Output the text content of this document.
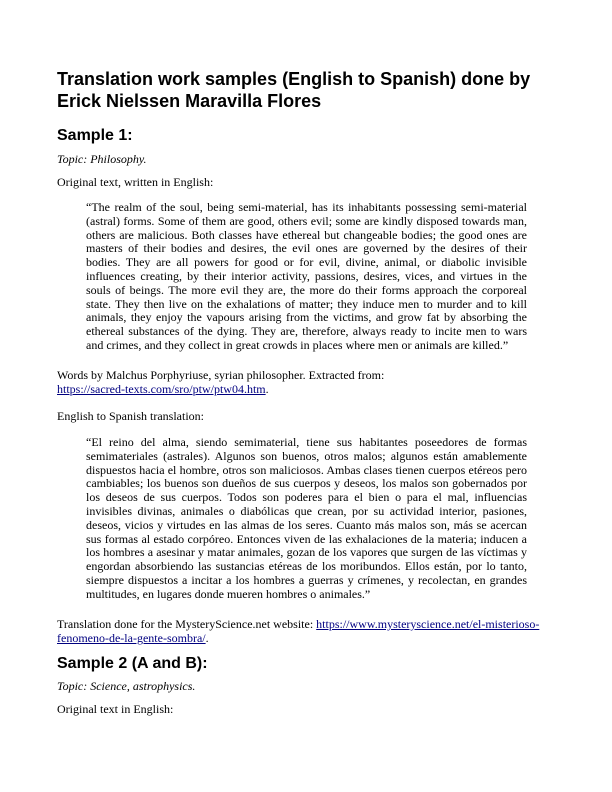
Translation work samples (English to Spanish) done by Erick Nielssen Maravilla Flores
Sample 1:

Topic: Philosophy.

Original text, written in English:

“The realm of the soul, being semi-material, has its inhabitants possessing semi-material (astral) forms. Some of them are good, others evil; some are kindly disposed towards man, others are malicious. Both classes have ethereal but changeable bodies; the good ones are masters of their bodies and desires, the evil ones are governed by the desires of their bodies. They are all powers for good or for evil, divine, animal, or diabolic invisible influences creating, by their interior activity, passions, desires, vices, and virtues in the souls of beings. The more evil they are, the more do their forms approach the corporeal state. They then live on the exhalations of matter; they induce men to murder and to kill animals, they enjoy the vapours arising from the victims, and grow fat by absorbing the ethereal substances of the dying. They are, therefore, always ready to incite men to wars and crimes, and they collect in great crowds in places where men or animals are killed.”

Words by Malchus Porphyriuse, syrian philosopher. Extracted from:
https://sacred-texts.com/sro/ptw/ptw04.htm.

English to Spanish translation:

“El reino del alma, siendo semimaterial, tiene sus habitantes poseedores de formas semimateriales (astrales). Algunos son buenos, otros malos; algunos están amablemente dispuestos hacia el hombre, otros son maliciosos. Ambas clases tienen cuerpos etéreos pero cambiables; los buenos son dueños de sus cuerpos y deseos, los malos son gobernados por los deseos de sus cuerpos. Todos son poderes para el bien o para el mal, influencias invisibles divinas, animales o diabólicas que crean, por su actividad interior, pasiones, deseos, vicios y virtudes en las almas de los seres. Cuanto más malos son, más se acercan sus formas al estado corpóreo. Entonces viven de las exhalaciones de la materia; inducen a los hombres a asesinar y matar animales, gozan de los vapores que surgen de las víctimas y engordan absorbiendo las sustancias etéreas de los moribundos. Ellos están, por lo tanto, siempre dispuestos a incitar a los hombres a guerras y crímenes, y recolectan, en grandes multitudes, en lugares donde mueren hombres o animales.”

Translation done for the MysteryScience.net website: https://www.mysteryscience.net/el-misterioso-fenomeno-de-la-gente-sombra/.

Sample 2 (A and B):

Topic: Science, astrophysics.

Original text in English:
